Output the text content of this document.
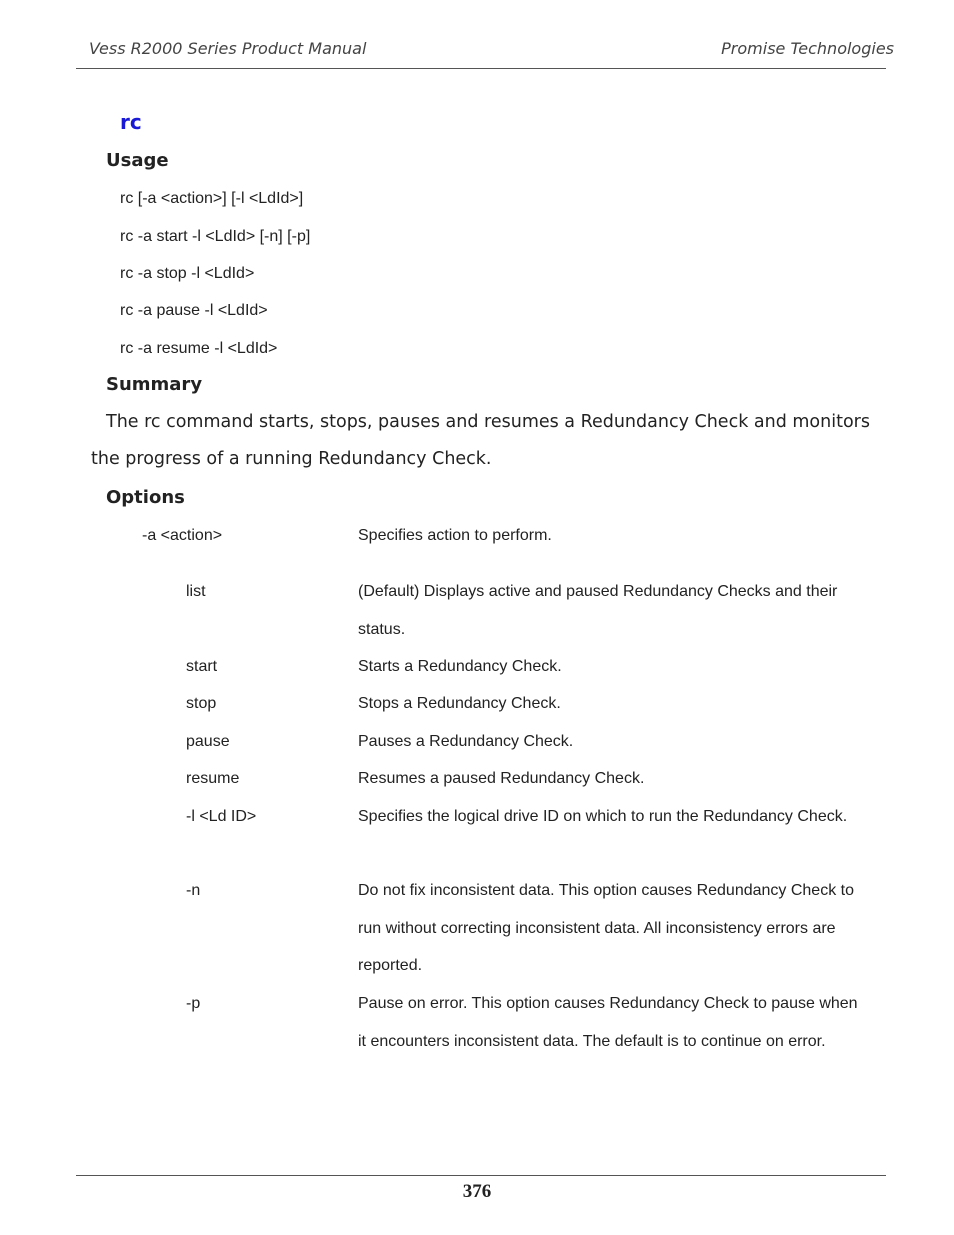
Vess R2000 Series Product Manual	Promise Technologies
rc
Usage
rc [-a <action>] [-l <LdId>]
rc -a start -l <LdId> [-n] [-p]
rc -a stop -l <LdId>
rc -a pause -l <LdId>
rc -a resume -l <LdId>
Summary

The rc command starts, stops, pauses and resumes a Redundancy Check and monitors the progress of a running Redundancy Check.

Options
-a <action>	Specifies action to perform.
list	(Default) Displays active and paused Redundancy Checks and their status.
start	Starts a Redundancy Check.
stop	Stops a Redundancy Check.
pause	Pauses a Redundancy Check.
resume	Resumes a paused Redundancy Check.
-l <Ld ID>	Specifies the logical drive ID on which to run the Redundancy Check.
-n	Do not fix inconsistent data. This option causes Redundancy Check to run without correcting inconsistent data. All inconsistency errors are reported.
-p	Pause on error. This option causes Redundancy Check to pause when it encounters inconsistent data. The default is to continue on error.
376
